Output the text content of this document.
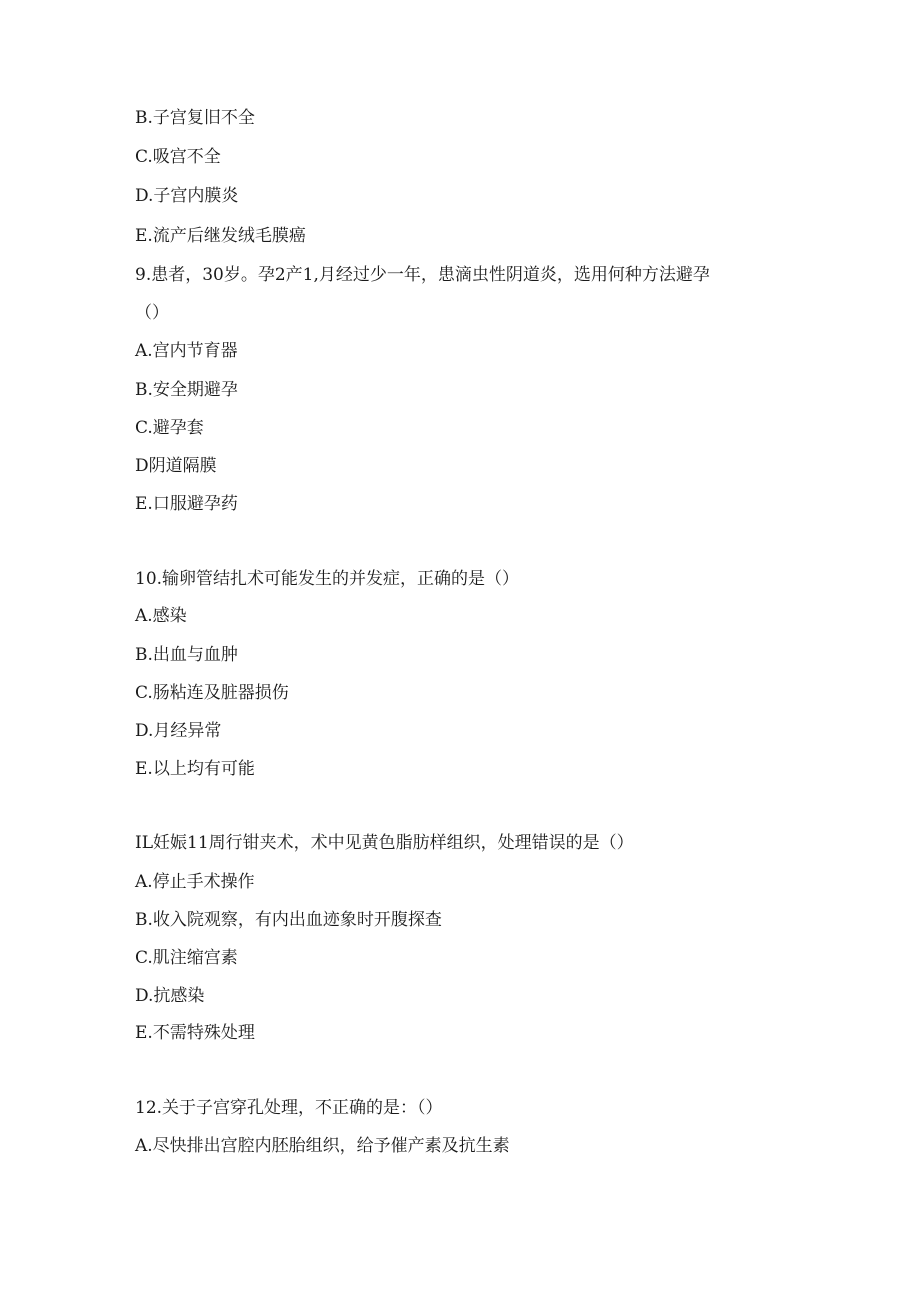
B.子宫复旧不全
C.吸宫不全
D.子宫内膜炎
E.流产后继发绒毛膜癌
9.患者，30岁。孕2产1,月经过少一年，患滴虫性阴道炎，选用何种方法避孕
（）
A.宫内节育器
B.安全期避孕
C.避孕套
D阴道隔膜
E.口服避孕药
10.输卵管结扎术可能发生的并发症，正确的是（）
A.感染
B.出血与血肿
C.肠粘连及脏器损伤
D.月经异常
E.以上均有可能
IL妊娠11周行钳夹术，术中见黄色脂肪样组织，处理错误的是（）
A.停止手术操作
B.收入院观察，有内出血迹象时开腹探查
C.肌注缩宫素
D.抗感染
E.不需特殊处理
12.关于子宫穿孔处理，不正确的是：（）
A.尽快排出宫腔内胚胎组织，给予催产素及抗生素
